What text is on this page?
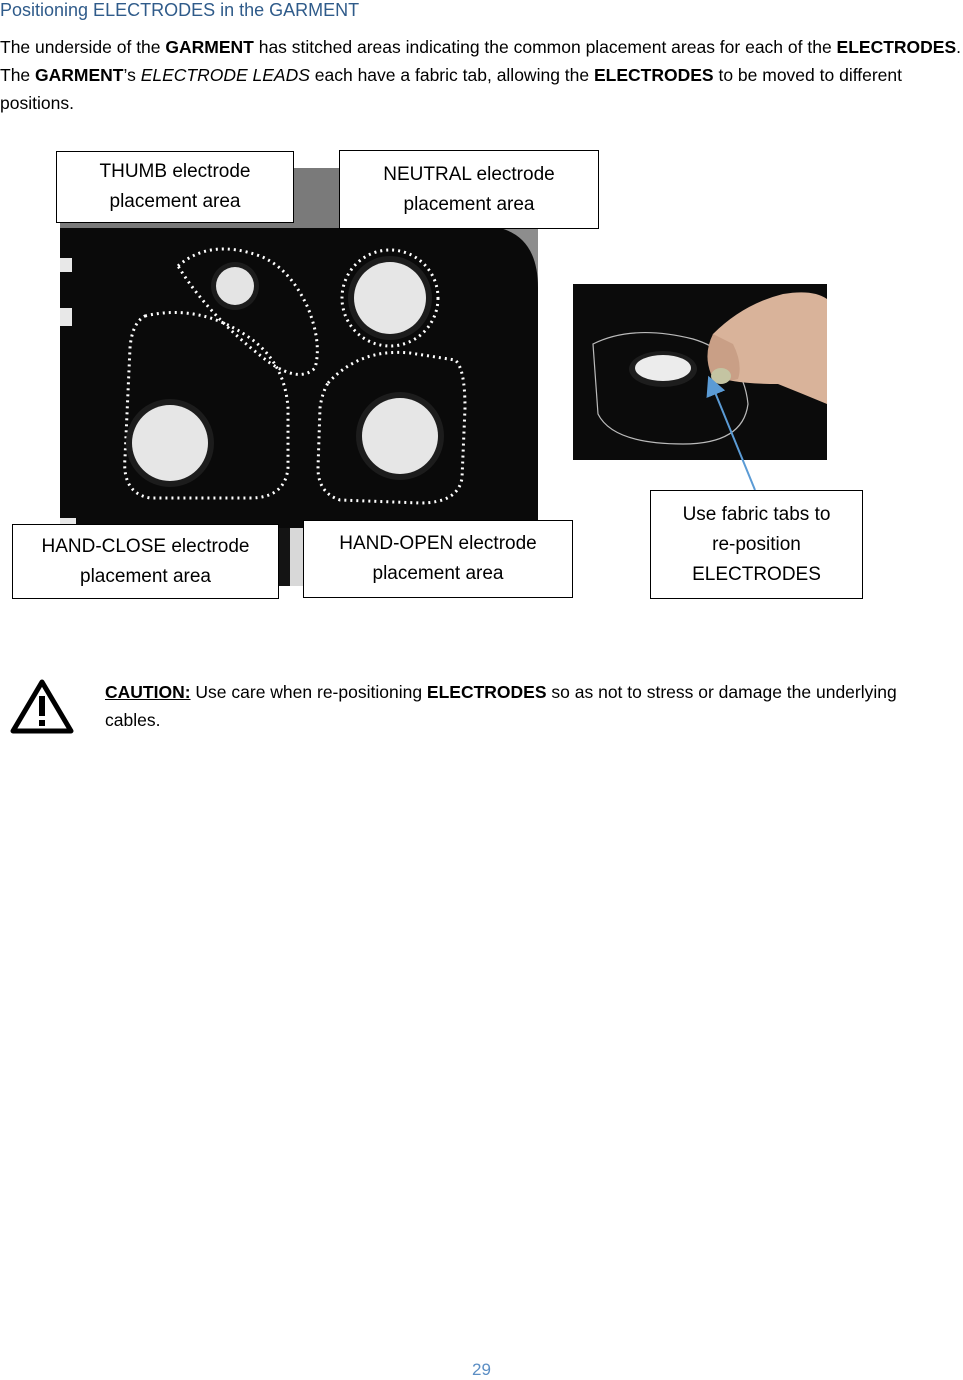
Positioning ELECTRODES in the GARMENT
The underside of the GARMENT has stitched areas indicating the common placement areas for each of the ELECTRODES. The GARMENT’s ELECTRODE LEADS each have a fabric tab, allowing the ELECTRODES to be moved to different positions.
THUMB electrode
placement area
NEUTRAL electrode
placement area
HAND-CLOSE electrode
placement area
HAND-OPEN electrode
placement area
Use fabric tabs to
re-position
ELECTRODES
CAUTION: Use care when re-positioning ELECTRODES so as not to stress or damage the underlying cables.
29
